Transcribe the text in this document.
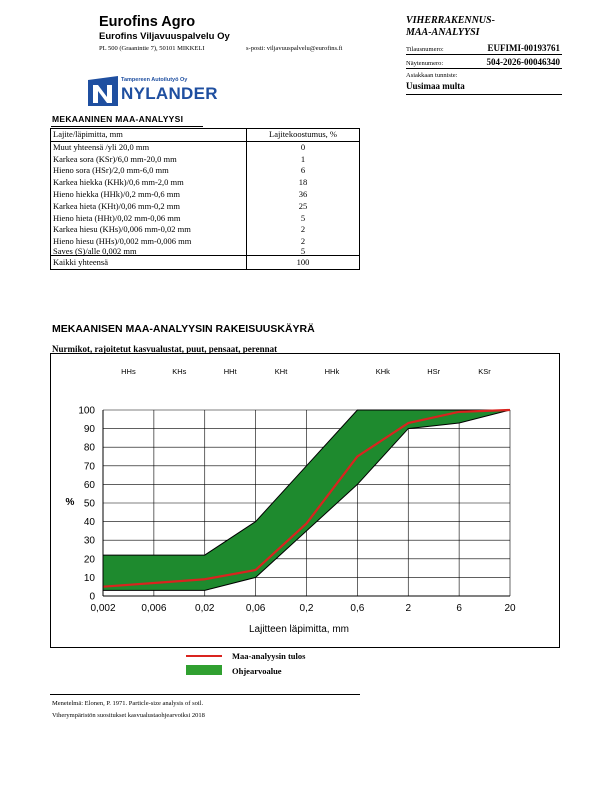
Eurofins Agro
Eurofins Viljavuuspalvelu Oy
PL 500 (Graanintie 7), 50101 MIKKELI	s-posti: viljavuuspalvelu@eurofins.fi
VIHERRAKENNUS-
MAA-ANALYYSI
Tilausnumero:	EUFIMI-00193761
Näytenumero:	504-2026-00046340
Asiakkaan tunniste:
Uusimaa multa
Tampereen Autoilutyö Oy
NYLANDER
MEKAANINEN MAA-ANALYYSI
Lajite/läpimitta, mm	Lajitekoostumus, %
Muut yhteensä /yli 20,0 mm	0
Karkea sora (KSr)/6,0 mm-20,0 mm	1
Hieno sora (HSr)/2,0 mm-6,0 mm	6
Karkea hiekka (KHk)/0,6 mm-2,0 mm	18
Hieno hiekka (HHk)/0,2 mm-0,6 mm	36
Karkea hieta (KHt)/0,06 mm-0,2 mm	25
Hieno hieta (HHt)/0,02 mm-0,06 mm	5
Karkea hiesu (KHs)/0,006 mm-0,02 mm	2
Hieno hiesu (HHs)/0,002 mm-0,006 mm	2
Saves (S)/alle 0,002 mm	5
Kaikki yhteensä	100
MEKAANISEN MAA-ANALYYSIN RAKEISUUSKÄYRÄ
Nurmikot, rajoitetut kasvualustat, puut, pensaat, perennat
0
10
20
30
40
50
60
70
80
90
100
0,002	0,006	0,02	0,06	0,2	0,6	2	6	20
HHs	KHs	HHt	KHt	HHk	KHk	HSr	KSr
%
Lajitteen läpimitta, mm
Maa-analyysin tulos
Ohjearvoalue
Menetelmä: Elonen, P. 1971. Particle-size analysis of soil.
Viherympäristön suositukset kasvualustaohjearvoiksi 2018
